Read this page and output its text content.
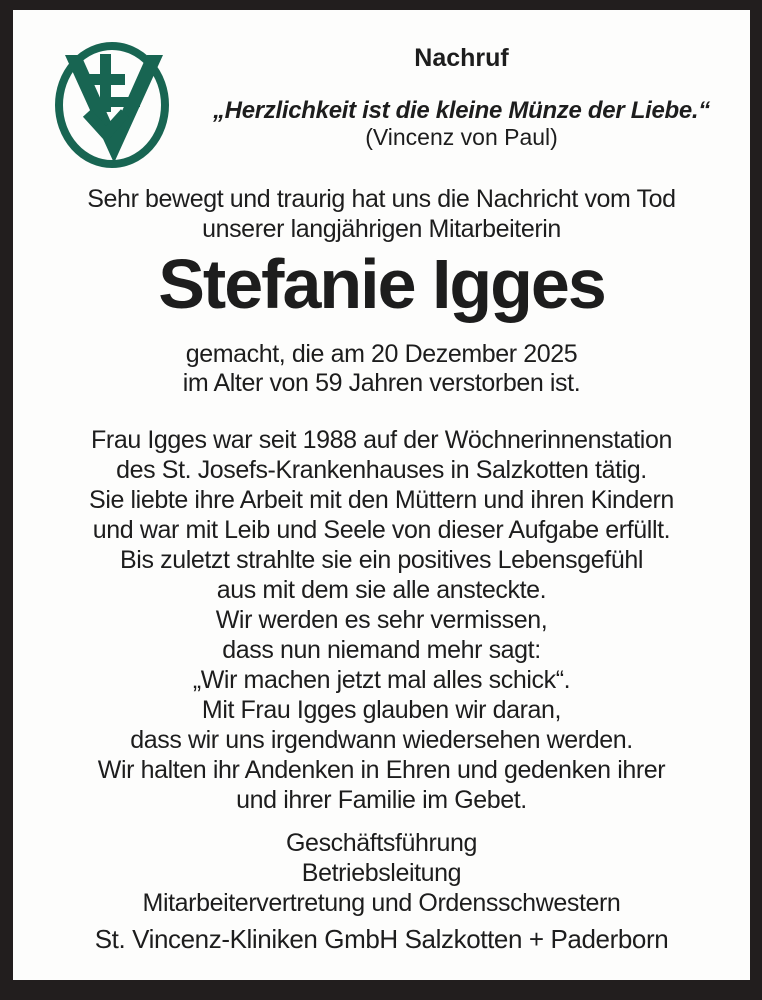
Nachruf
„Herzlichkeit ist die kleine Münze der Liebe.“
(Vincenz von Paul)
Sehr bewegt und traurig hat uns die Nachricht vom Tod
unserer langjährigen Mitarbeiterin
Stefanie Igges
gemacht, die am 20 Dezember 2025
im Alter von 59 Jahren verstorben ist.
Frau Igges war seit 1988 auf der Wöchnerinnenstation
des St. Josefs-Krankenhauses in Salzkotten tätig.
Sie liebte ihre Arbeit mit den Müttern und ihren Kindern
und war mit Leib und Seele von dieser Aufgabe erfüllt.
Bis zuletzt strahlte sie ein positives Lebensgefühl
aus mit dem sie alle ansteckte.
Wir werden es sehr vermissen,
dass nun niemand mehr sagt:
„Wir machen jetzt mal alles schick“.
Mit Frau Igges glauben wir daran,
dass wir uns irgendwann wiedersehen werden.
Wir halten ihr Andenken in Ehren und gedenken ihrer
und ihrer Familie im Gebet.
Geschäftsführung
Betriebsleitung
Mitarbeitervertretung und Ordensschwestern
St. Vincenz-Kliniken GmbH Salzkotten + Paderborn
